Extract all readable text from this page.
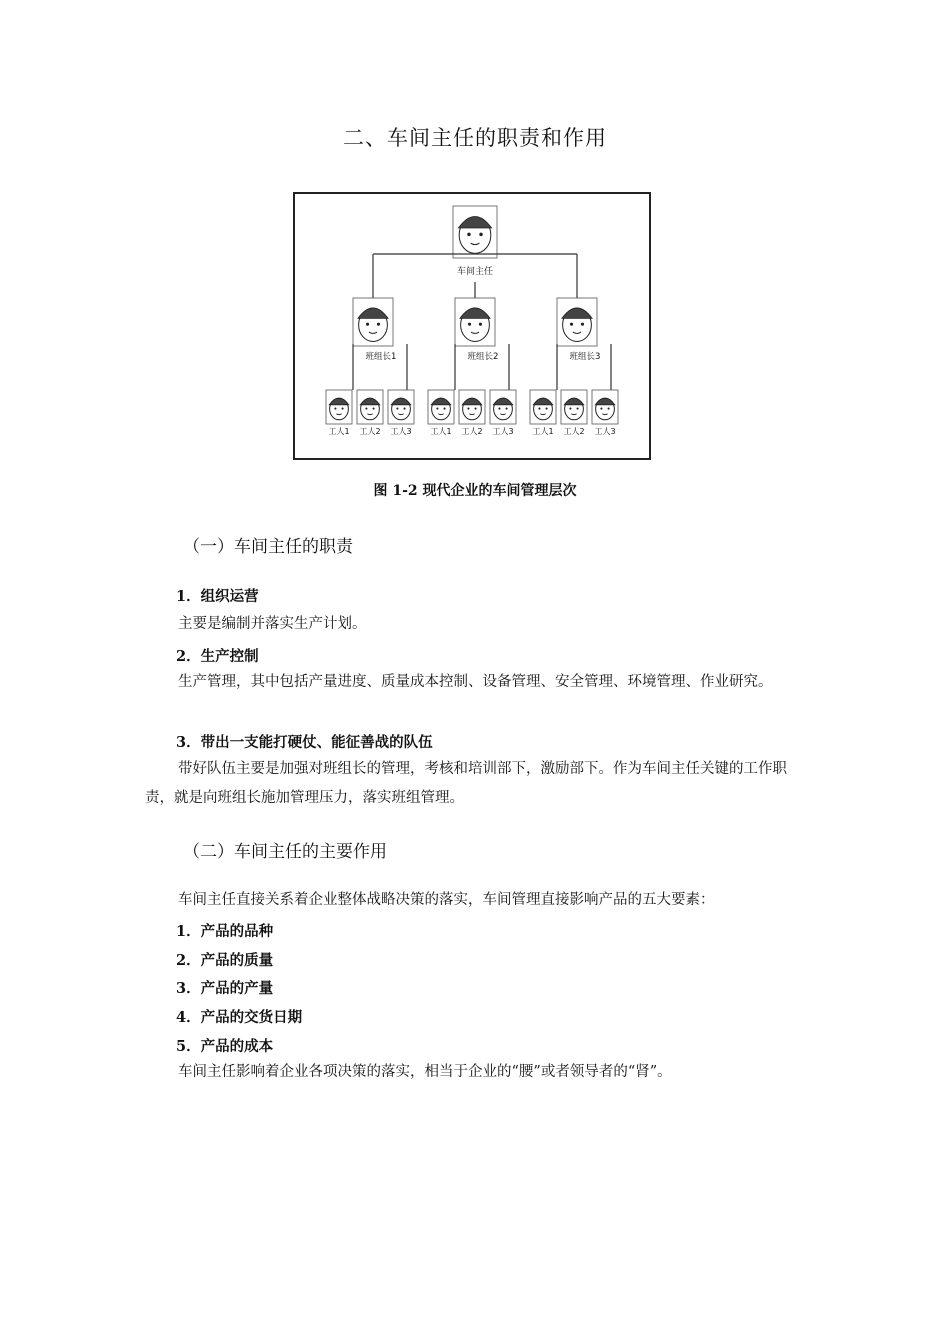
二、车间主任的职责和作用
车间主任
班组长1
工人1 工人2 工人3
班组长2
工人1 工人2 工人3
班组长3
工人1 工人2 工人3
图 1-2 现代企业的车间管理层次
（一）车间主任的职责
1．组织运营
主要是编制并落实生产计划。
2．生产控制
生产管理，其中包括产量进度、质量成本控制、设备管理、安全管理、环境管理、作业研究。
3．带出一支能打硬仗、能征善战的队伍
带好队伍主要是加强对班组长的管理，考核和培训部下，激励部下。作为车间主任关键的工作职责，就是向班组长施加管理压力，落实班组管理。
（二）车间主任的主要作用
车间主任直接关系着企业整体战略决策的落实，车间管理直接影响产品的五大要素：
1．产品的品种
2．产品的质量
3．产品的产量
4．产品的交货日期
5．产品的成本
车间主任影响着企业各项决策的落实，相当于企业的“腰”或者领导者的“肾”。
